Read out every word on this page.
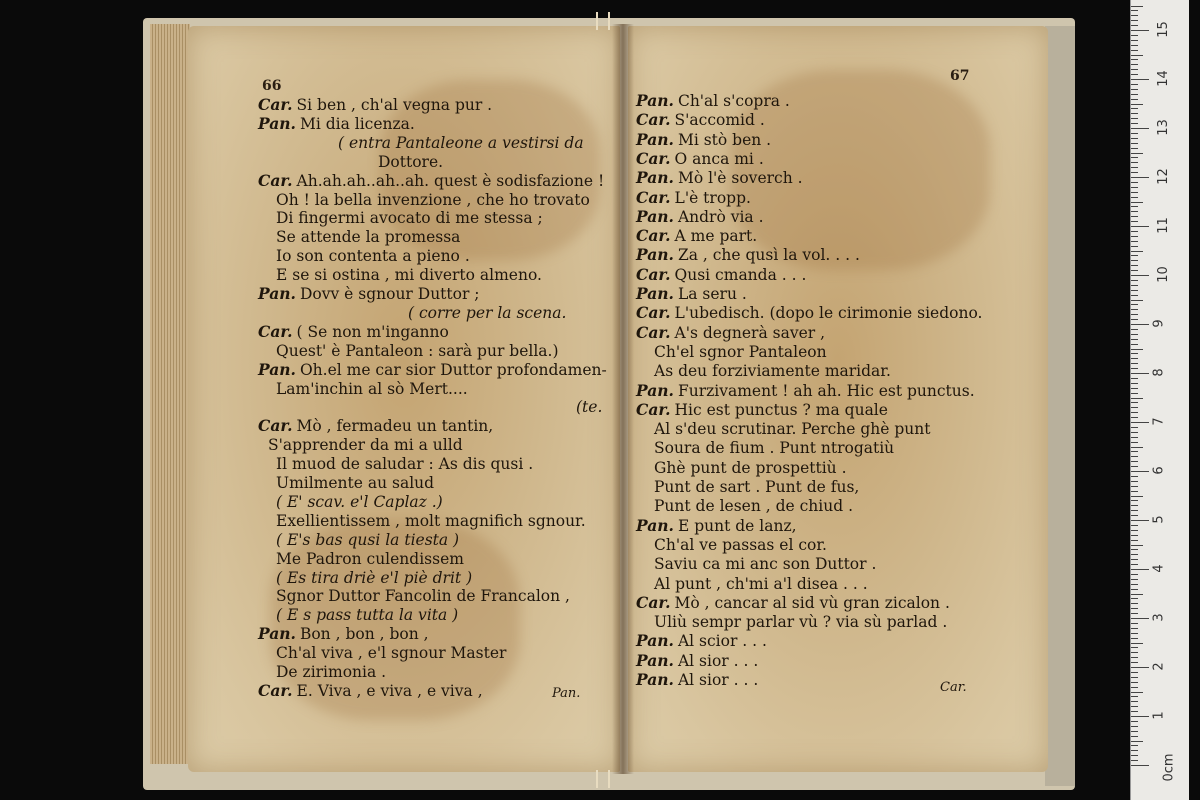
66
Car. Si ben , ch'al vegna pur .
Pan. Mi dia licenza.
( entra Pantaleone a vestirsi da
Dottore.
Car. Ah.ah.ah..ah..ah. quest è sodisfazione !
Oh ! la bella invenzione , che ho trovato
Di fingermi avocato di me stessa ;
Se attende la promessa
Io son contenta a pieno .
E se si ostina , mi diverto almeno.
Pan. Dovv è sgnour Duttor ;
( corre per la scena.
Car. ( Se non m'inganno
Quest' è Pantaleon : sarà pur bella.)
Pan. Oh.el me car sior Duttor profondamen-
Lam'inchin al sò Mert....
(te.
Car. Mò , fermadeu un tantin,
S'apprender da mi a ulld
Il muod de saludar : As dis qusi .
Umilmente au salud
( E' scav. e'l Caplaz .)
Exellientissem , molt magnifich sgnour.
( E's bas qusi la tiesta )
Me Padron culendissem
( Es tira driè e'l piè drit )
Sgnor Duttor Fancolin de Francalon ,
( E s pass tutta la vita )
Pan. Bon , bon , bon ,
Ch'al viva , e'l sgnour Master
De zirimonia .
Car. E. Viva , e viva , e viva ,	Pan.
67
Pan. Ch'al s'copra .
Car. S'accomid .
Pan. Mi stò ben .
Car. O anca mi .
Pan. Mò l'è soverch .
Car. L'è tropp.
Pan. Andrò via .
Car. A me part.
Pan. Za , che qusì la vol. . . .
Car. Qusi cmanda . . .
Pan. La seru .
Car. L'ubedisch. (dopo le cirimonie siedono.
Car. A's degnerà saver ,
Ch'el sgnor Pantaleon
As deu forziviamente maridar.
Pan. Furzivament ! ah ah. Hic est punctus.
Car. Hic est punctus ? ma quale
Al s'deu scrutinar. Perche ghè punt
Soura de fium . Punt ntrogatiù
Ghè punt de prospettiù .
Punt de sart . Punt de fus,
Punt de lesen , de chiud .
Pan. E punt de lanz,
Ch'al ve passas el cor.
Saviu ca mi anc son Duttor .
Al punt , ch'mi a'l disea . . .
Car. Mò , cancar al sid vù gran zicalon .
Uliù sempr parlar vù ? via sù parlad .
Pan. Al scior . . .
Pan. Al sior . . .
Pan. Al sior . . .	Car.
1
2
3
4
5
6
7
8
9
10
11
12
13
14
15
0cm
